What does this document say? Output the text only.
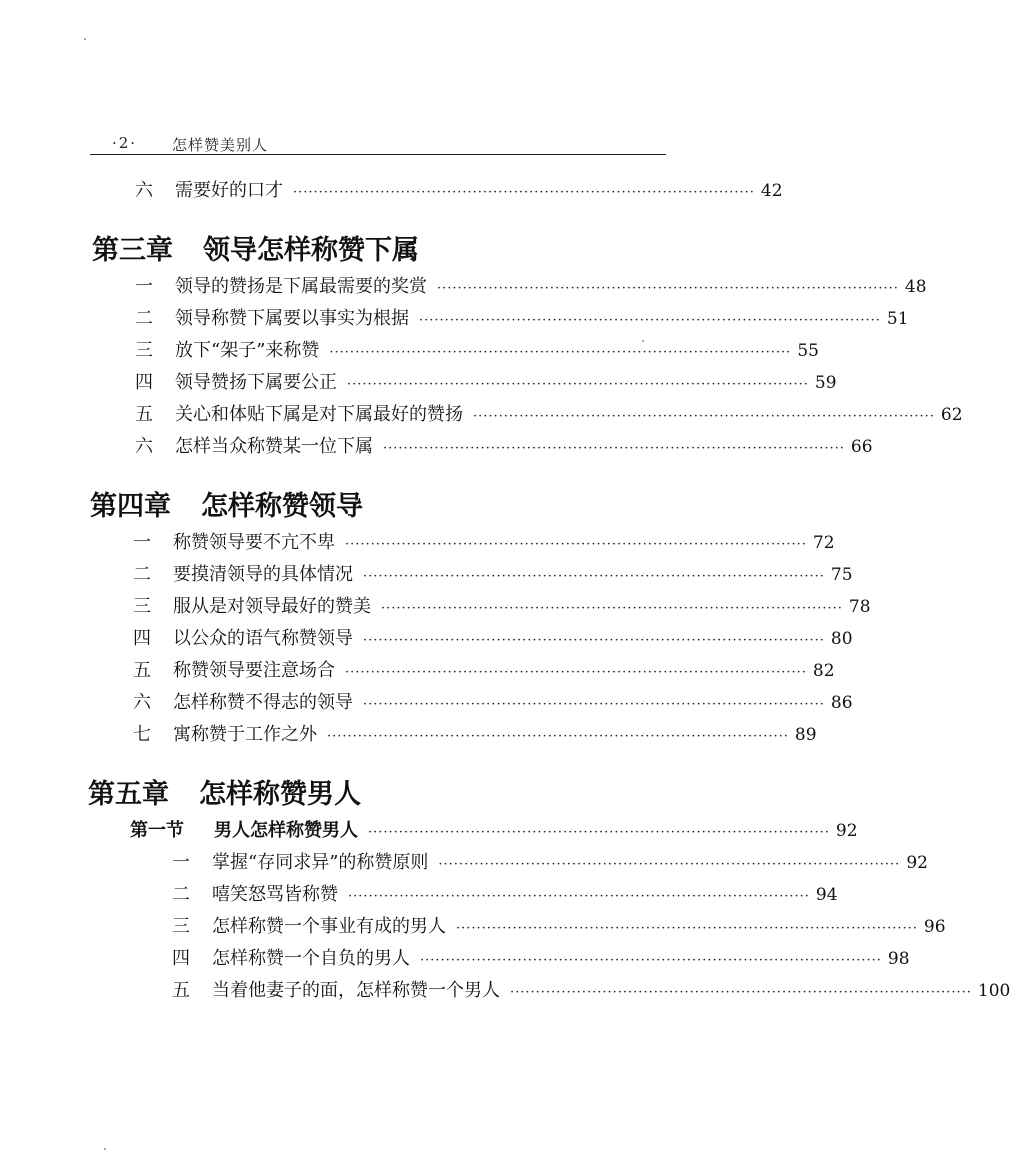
·2· 怎样赞美别人
六	需要好的口才 ·························································································· 42
第三章 领导怎样称赞下属
一	领导的赞扬是下属最需要的奖赏 ·························································································· 48
二	领导称赞下属要以事实为根据 ·························································································· 51
三	放下“架子”来称赞 ·························································································· 55
四	领导赞扬下属要公正 ·························································································· 59
五	关心和体贴下属是对下属最好的赞扬 ·························································································· 62
六	怎样当众称赞某一位下属 ·························································································· 66
第四章 怎样称赞领导
一	称赞领导要不亢不卑 ·························································································· 72
二	要摸清领导的具体情况 ·························································································· 75
三	服从是对领导最好的赞美 ·························································································· 78
四	以公众的语气称赞领导 ·························································································· 80
五	称赞领导要注意场合 ·························································································· 82
六	怎样称赞不得志的领导 ·························································································· 86
七	寓称赞于工作之外 ·························································································· 89
第五章 怎样称赞男人
第一节	男人怎样称赞男人 ·························································································· 92
一	掌握“存同求异”的称赞原则 ·························································································· 92
二	嘻笑怒骂皆称赞 ·························································································· 94
三	怎样称赞一个事业有成的男人 ·························································································· 96
四	怎样称赞一个自负的男人 ·························································································· 98
五	当着他妻子的面，怎样称赞一个男人 ·························································································· 100
